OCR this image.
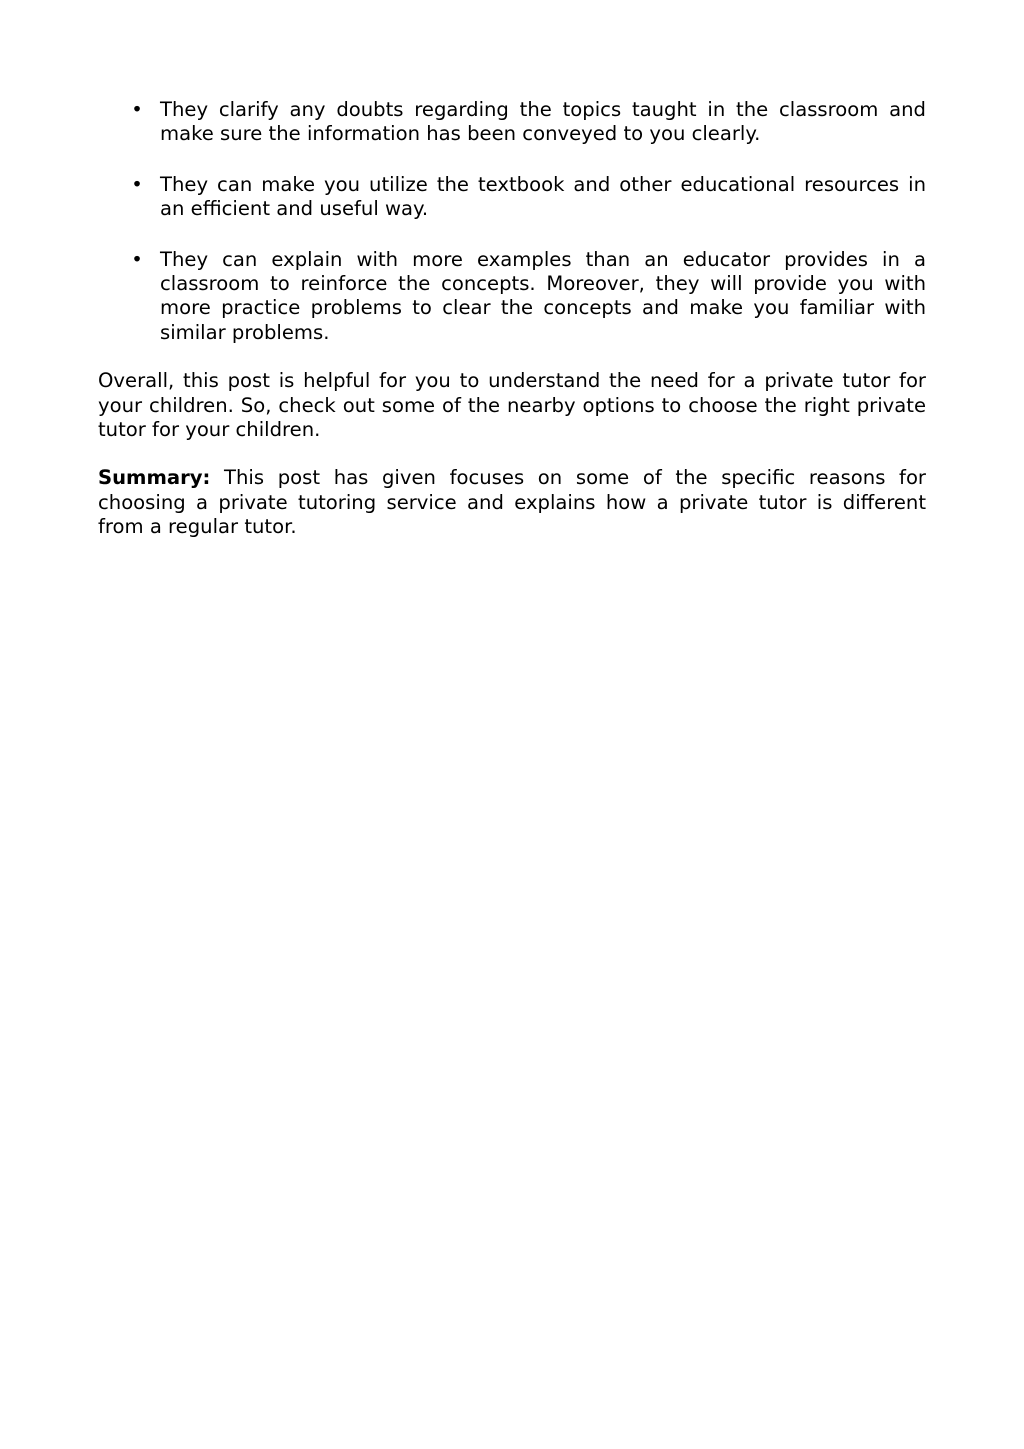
• They clarify any doubts regarding the topics taught in the classroom and make sure the information has been conveyed to you clearly.
• They can make you utilize the textbook and other educational resources in an efficient and useful way.
• They can explain with more examples than an educator provides in a classroom to reinforce the concepts. Moreover, they will provide you with more practice problems to clear the concepts and make you familiar with similar problems.

Overall, this post is helpful for you to understand the need for a private tutor for your children. So, check out some of the nearby options to choose the right private tutor for your children.

Summary: This post has given focuses on some of the specific reasons for choosing a private tutoring service and explains how a private tutor is different from a regular tutor.
